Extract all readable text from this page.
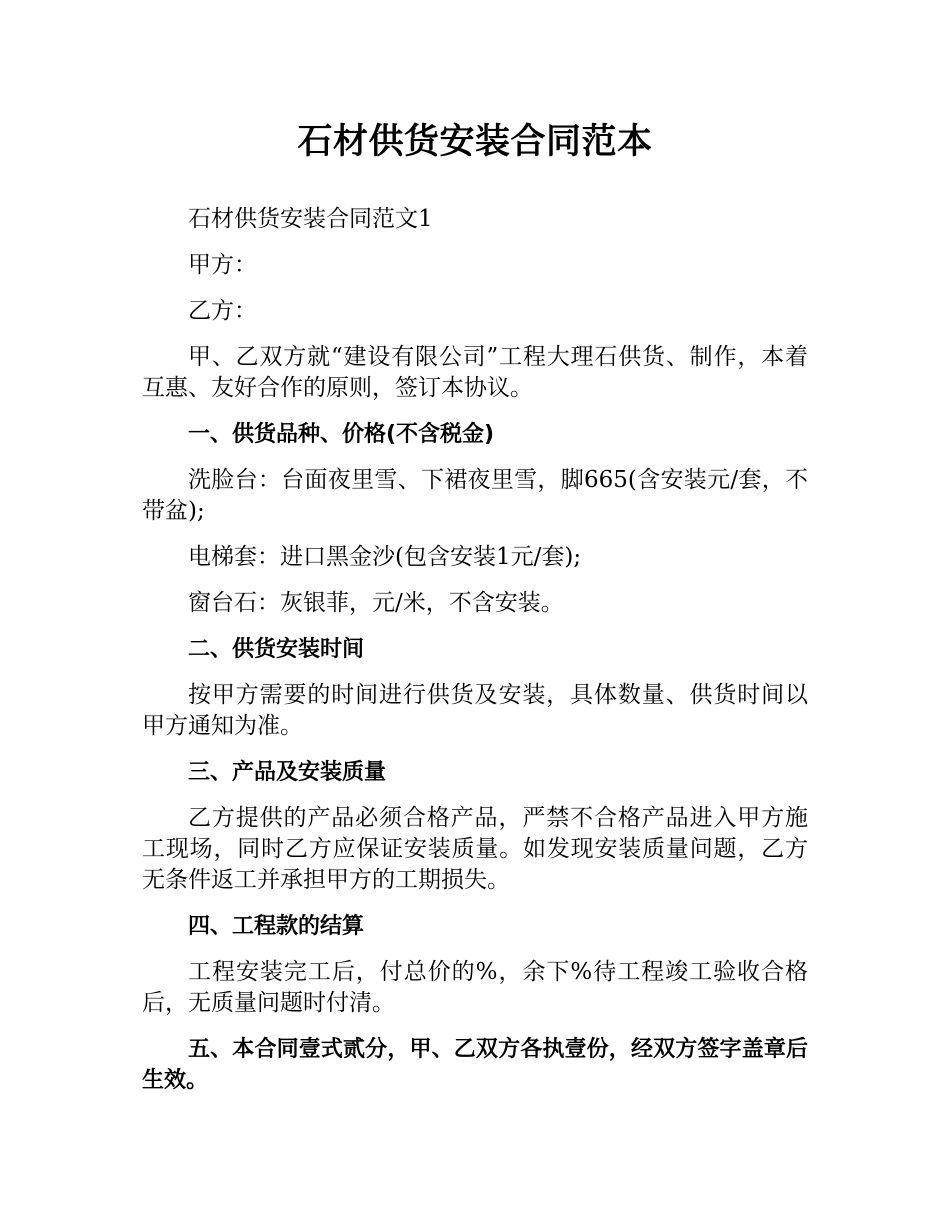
石材供货安装合同范本

石材供货安装合同范文1

甲方：

乙方：

甲、乙双方就“建设有限公司”工程大理石供货、制作，本着互惠、友好合作的原则，签订本协议。

一、供货品种、价格(不含税金)

洗脸台：台面夜里雪、下裙夜里雪，脚665(含安装元/套，不带盆);

电梯套：进口黑金沙(包含安装1元/套);

窗台石：灰银菲，元/米，不含安装。

二、供货安装时间

按甲方需要的时间进行供货及安装，具体数量、供货时间以甲方通知为准。

三、产品及安装质量

乙方提供的产品必须合格产品，严禁不合格产品进入甲方施工现场，同时乙方应保证安装质量。如发现安装质量问题，乙方无条件返工并承担甲方的工期损失。

四、工程款的结算

工程安装完工后，付总价的%，余下%待工程竣工验收合格后，无质量问题时付清。

五、本合同壹式贰分，甲、乙双方各执壹份，经双方签字盖章后生效。
